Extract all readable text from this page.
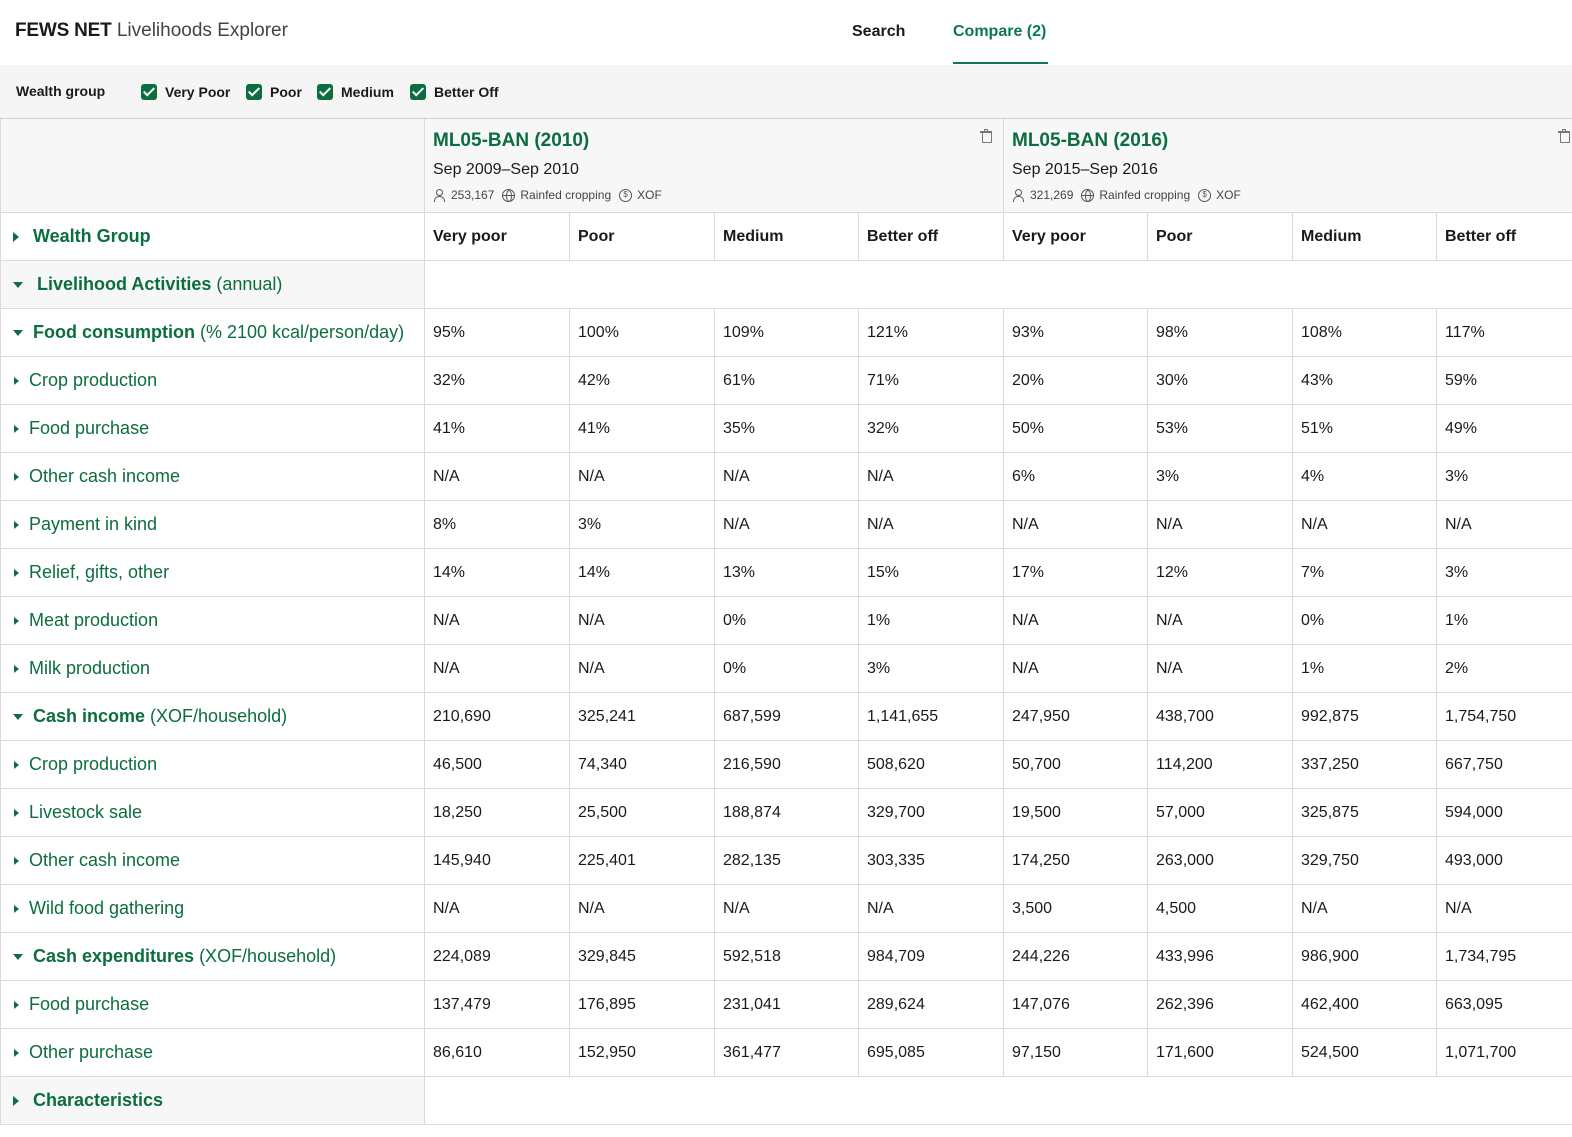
FEWS NET Livelihoods Explorer	Search	Compare (2)
Wealth group	Very Poor	Poor	Medium	Better Off
ML05-BAN (2010)
Sep 2009–Sep 2010
253,167 Rainfed cropping	$ XOF
ML05-BAN (2016)
Sep 2015–Sep 2016
321,269 Rainfed cropping	$ XOF
Wealth Group	Very poor	Poor	Medium	Better off	Very poor	Poor	Medium	Better off
Livelihood Activities (annual)
Food consumption (% 2100 kcal/person/day)	95%	100%	109%	121%	93%	98%	108%	117%
Crop production	32%	42%	61%	71%	20%	30%	43%	59%
Food purchase	41%	41%	35%	32%	50%	53%	51%	49%
Other cash income	N/A	N/A	N/A	N/A	6%	3%	4%	3%
Payment in kind	8%	3%	N/A	N/A	N/A	N/A	N/A	N/A
Relief, gifts, other	14%	14%	13%	15%	17%	12%	7%	3%
Meat production	N/A	N/A	0%	1%	N/A	N/A	0%	1%
Milk production	N/A	N/A	0%	3%	N/A	N/A	1%	2%
Cash income (XOF/household)	210,690	325,241	687,599	1,141,655	247,950	438,700	992,875	1,754,750
Crop production	46,500	74,340	216,590	508,620	50,700	114,200	337,250	667,750
Livestock sale	18,250	25,500	188,874	329,700	19,500	57,000	325,875	594,000
Other cash income	145,940	225,401	282,135	303,335	174,250	263,000	329,750	493,000
Wild food gathering	N/A	N/A	N/A	N/A	3,500	4,500	N/A	N/A
Cash expenditures (XOF/household)	224,089	329,845	592,518	984,709	244,226	433,996	986,900	1,734,795
Food purchase	137,479	176,895	231,041	289,624	147,076	262,396	462,400	663,095
Other purchase	86,610	152,950	361,477	695,085	97,150	171,600	524,500	1,071,700
Characteristics
